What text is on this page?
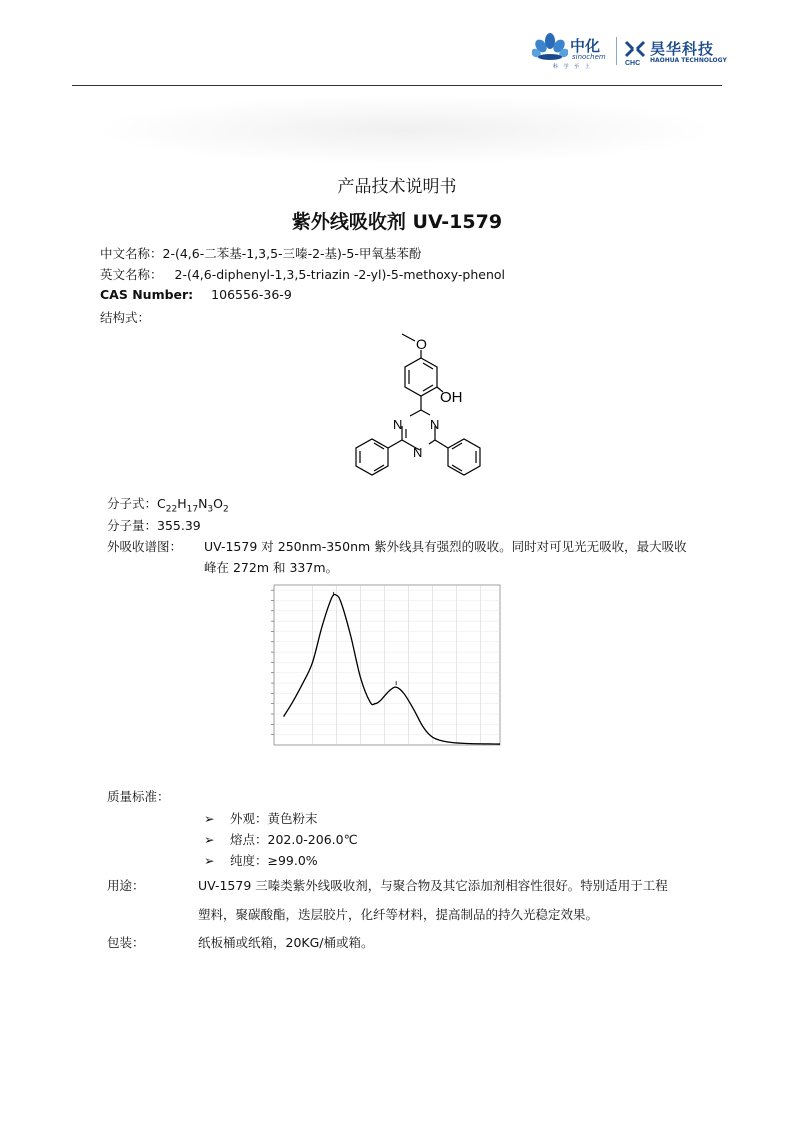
中化
sinochem
科 学 至 上	CHC
昊华科技
HAOHUA TECHNOLOGY
产品技术说明书
紫外线吸收剂 UV-1579
中文名称：2-(4,6-二苯基-1,3,5-三嗪-2-基)-5-甲氧基苯酚
英文名称： 2-(4,6-diphenyl-1,3,5-triazin -2-yl)-5-methoxy-phenol
CAS Number: 106556-36-9
结构式：
O
OH
N N
N
分子式：$C_{22}H_{17}N_3O_2$
分子量：355.39
外吸收谱图： UV-1579 对 250nm-350nm 紫外线具有强烈的吸收。同时对可见光无吸收，最大吸收
峰在 272m 和 337m。
质量标准：
➢ 外观：黄色粉末
➢ 熔点：202.0-206.0℃
➢ 纯度：≥99.0%
用途：	UV-1579 三嗪类紫外线吸收剂，与聚合物及其它添加剂相容性很好。特别适用于工程
塑料，聚碳酸酯，迭层胶片，化纤等材料，提高制品的持久光稳定效果。
包装：	纸板桶或纸箱，20KG/桶或箱。
